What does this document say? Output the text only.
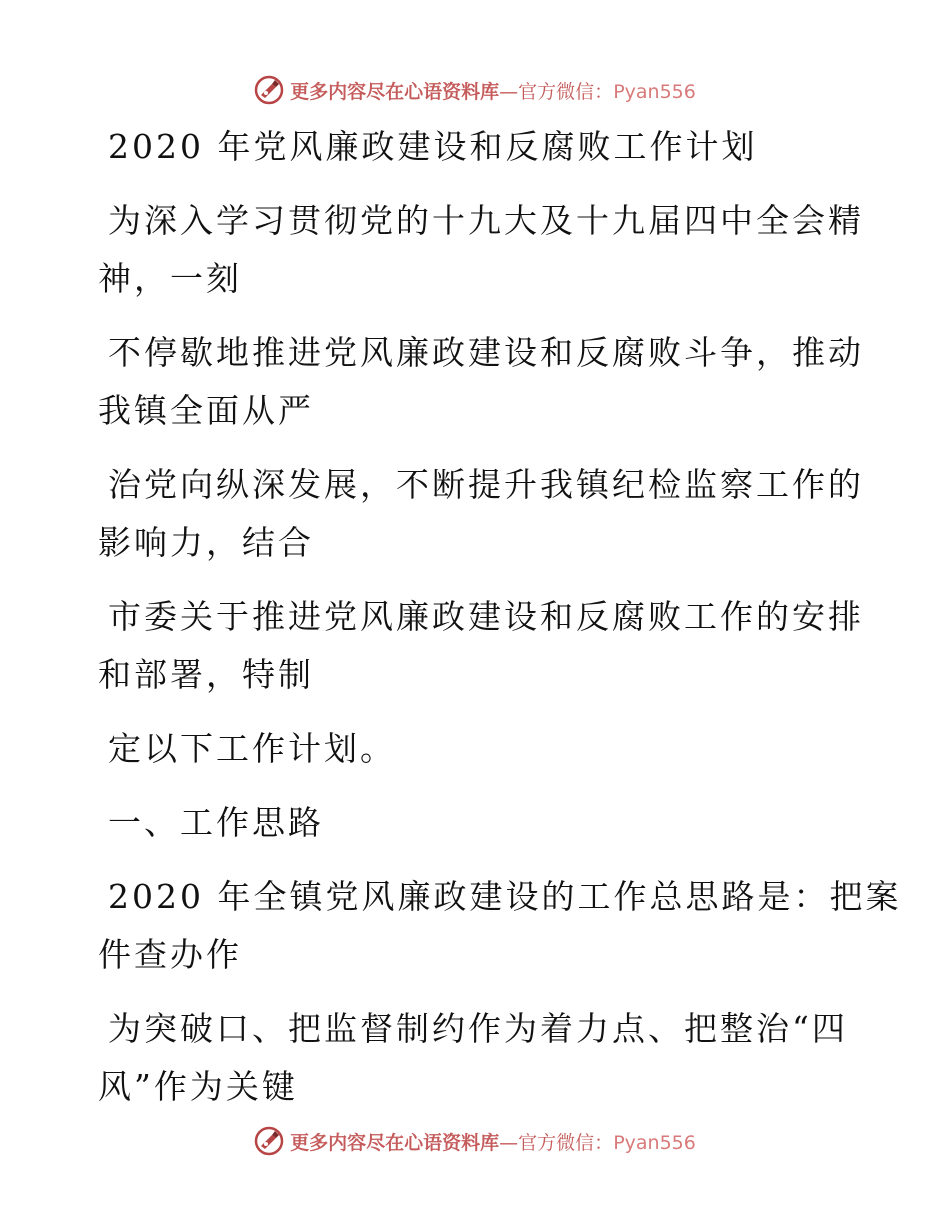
更多内容尽在心语资料库—官方微信：Pyan556
2020 年党风廉政建设和反腐败工作计划
为深入学习贯彻党的十九大及十九届四中全会精
神，一刻
不停歇地推进党风廉政建设和反腐败斗争，推动
我镇全面从严
治党向纵深发展，不断提升我镇纪检监察工作的
影响力，结合
市委关于推进党风廉政建设和反腐败工作的安排
和部署，特制
定以下工作计划。
一、工作思路
2020 年全镇党风廉政建设的工作总思路是：把案
件查办作
为突破口、把监督制约作为着力点、把整治“四
风”作为关键
更多内容尽在心语资料库—官方微信：Pyan556
